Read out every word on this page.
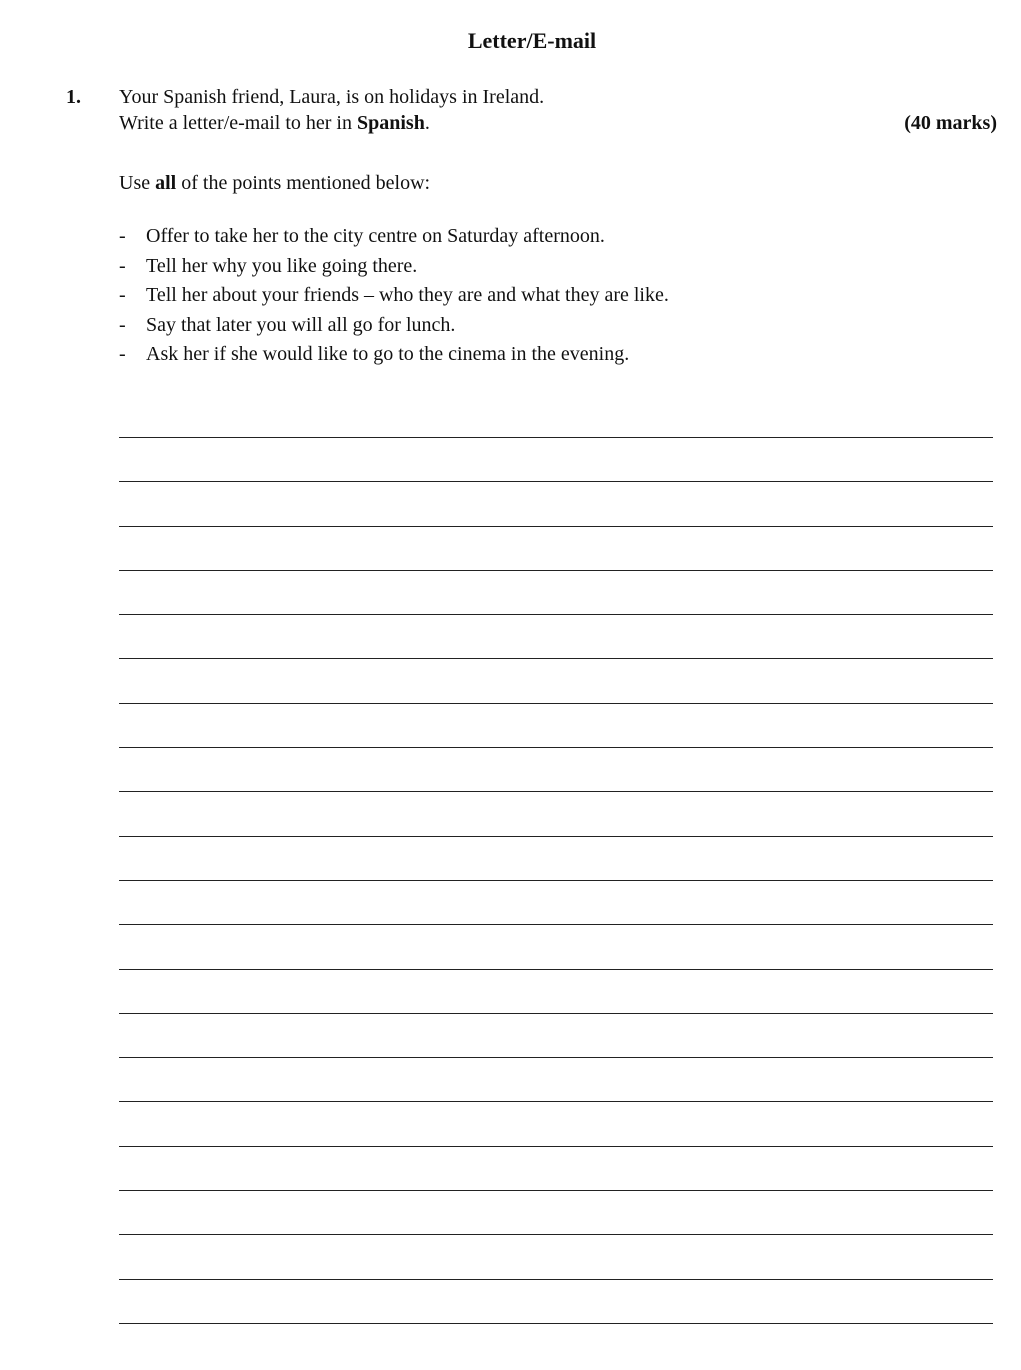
Letter/E-mail
1. Your Spanish friend, Laura, is on holidays in Ireland.
Write a letter/e-mail to her in Spanish.	(40 marks)
Use all of the points mentioned below:
- Offer to take her to the city centre on Saturday afternoon.
- Tell her why you like going there.
- Tell her about your friends – who they are and what they are like.
- Say that later you will all go for lunch.
- Ask her if she would like to go to the cinema in the evening.
